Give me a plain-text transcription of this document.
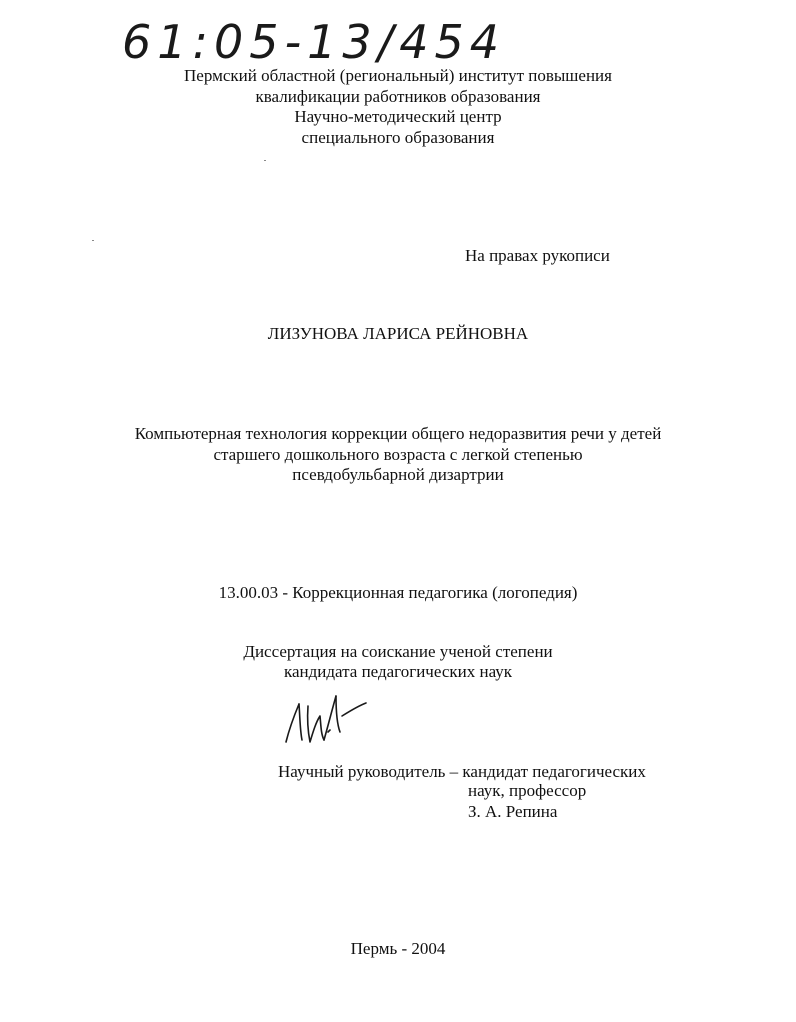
61:05-13/454
Пермский областной (региональный) институт повышения
квалификации работников образования
Научно-методический центр
специального образования
На правах рукописи
ЛИЗУНОВА ЛАРИСА РЕЙНОВНА
Компьютерная технология коррекции общего недоразвития речи у детей
старшего дошкольного возраста с легкой степенью
псевдобульбарной дизартрии
13.00.03 - Коррекционная педагогика (логопедия)
Диссертация на соискание ученой степени
кандидата педагогических наук
Научный руководитель – кандидат педагогических
наук, профессор
З. А. Репина
Пермь - 2004
